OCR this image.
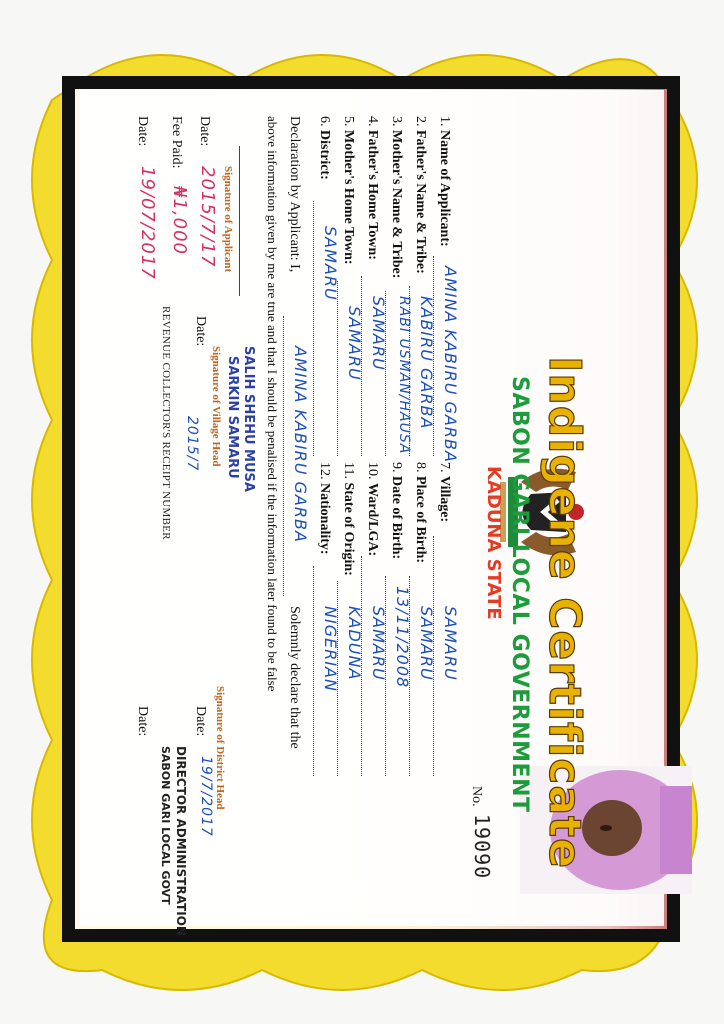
Indigene Certificate
SABON GARI LOCAL GOVERNMENT
KADUNA STATE
No.
19090
1. Name of Applicant:
AMINA KABIRU GARBA
2. Father's Name & Tribe:
KABIRU GARBA
3. Mother's Name & Tribe:
RABI USMAN/HAUSA
4. Father's Home Town:
SAMARU
5. Mother's Home Town:
SAMARU
6. District:
SAMARU
7. Village:
SAMARU
8. Place of Birth:
SAMARU
9. Date of Birth:
13/11/2008
10. Ward/LGA:
SAMARU
11. State of Origin:
KADUNA
12. Nationality:
NIGERIAN
Declaration by Applicant: I,
AMINA KABIRU GARBA
Solemnly declare that the
above information given by me are true and that I should be penalised if the information later found to be false
Signature of Applicant
Date:
2015/7/17
Fee Paid:
₦1,000
Date:
19/07/2017
SALIH SHEHU MUSA
SARKIN SAMARU
Signature of Village Head
Date:
2015/7
REVENUE COLLECTOR'S RECEIPT NUMBER
Signature of District Head
Date:
19/7/2017
Date:
DIRECTOR ADMINISTRATION
SABON GARI LOCAL GOVT
